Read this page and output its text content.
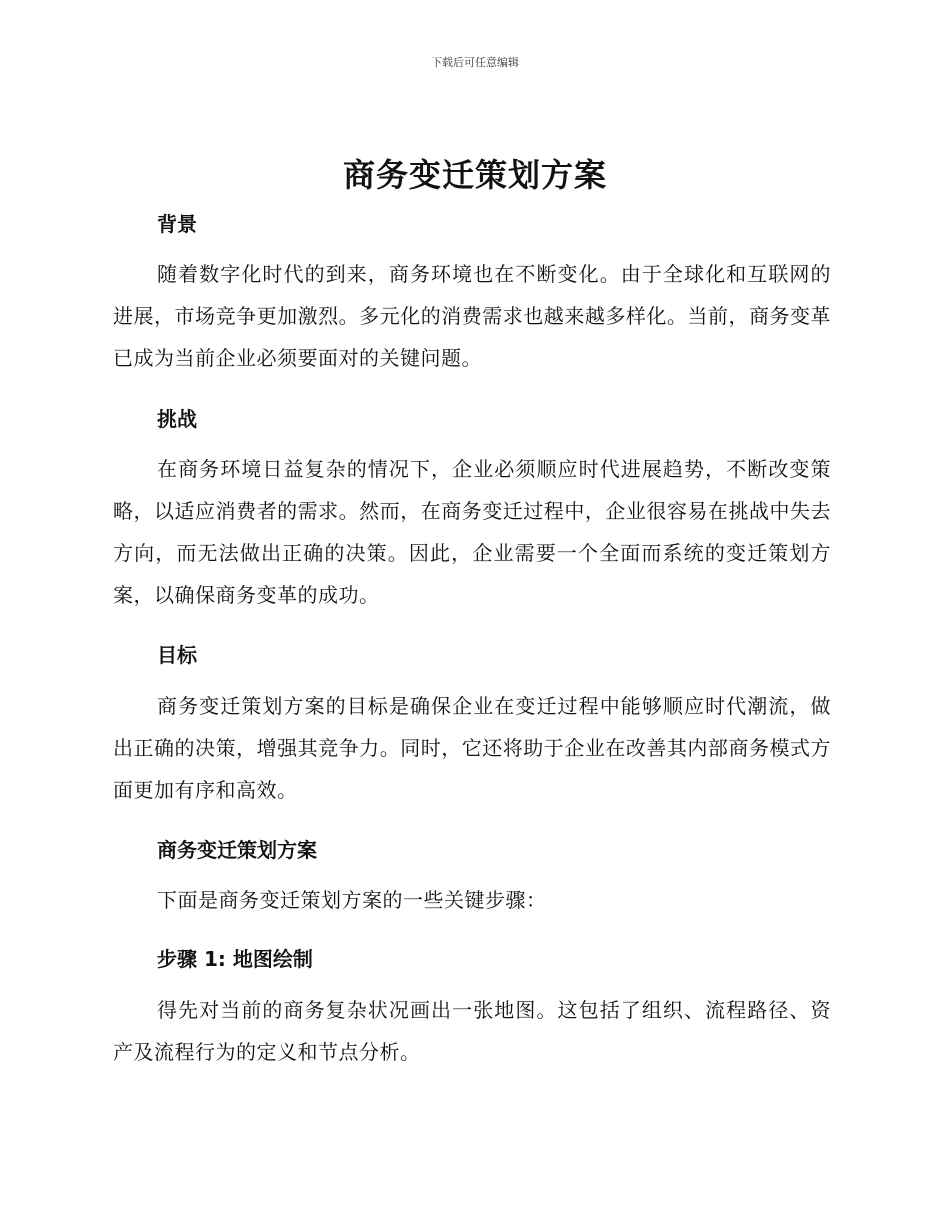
下载后可任意编辑
商务变迁策划方案
背景
随着数字化时代的到来，商务环境也在不断变化。由于全球化和互联网的进展，市场竞争更加激烈。多元化的消费需求也越来越多样化。当前，商务变革已成为当前企业必须要面对的关键问题。
挑战
在商务环境日益复杂的情况下，企业必须顺应时代进展趋势，不断改变策略，以适应消费者的需求。然而，在商务变迁过程中，企业很容易在挑战中失去方向，而无法做出正确的决策。因此，企业需要一个全面而系统的变迁策划方案，以确保商务变革的成功。
目标
商务变迁策划方案的目标是确保企业在变迁过程中能够顺应时代潮流，做出正确的决策，增强其竞争力。同时，它还将助于企业在改善其内部商务模式方面更加有序和高效。
商务变迁策划方案
下面是商务变迁策划方案的一些关键步骤：
步骤 1: 地图绘制
得先对当前的商务复杂状况画出一张地图。这包括了组织、流程路径、资产及流程行为的定义和节点分析。
